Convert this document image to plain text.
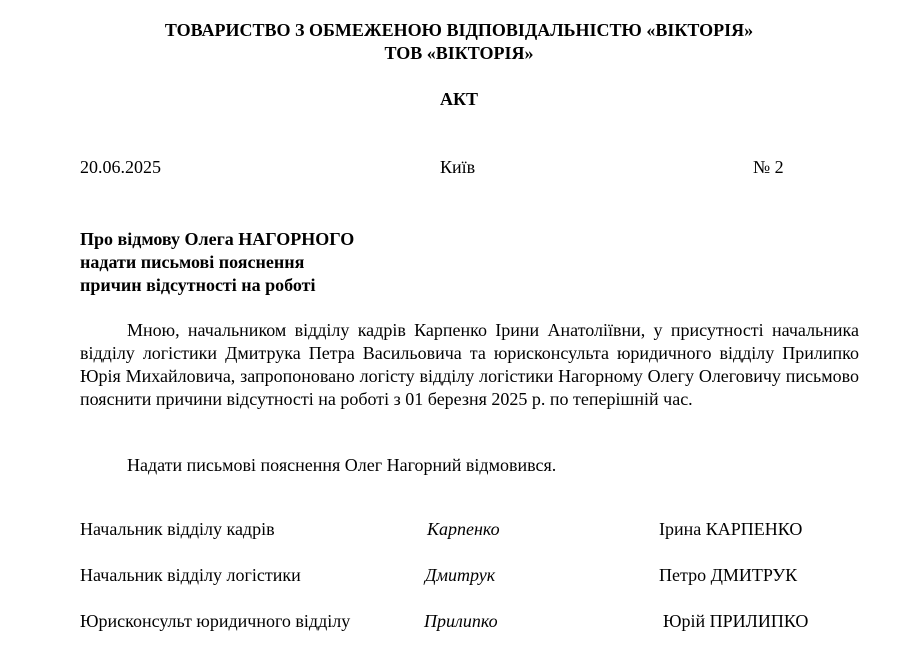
ТОВАРИСТВО З ОБМЕЖЕНОЮ ВІДПОВІДАЛЬНІСТЮ «ВІКТОРІЯ»
ТОВ «ВІКТОРІЯ»
АКТ
20.06.2025	Київ	№ 2
Про відмову Олега НАГОРНОГО
надати письмові пояснення
причин відсутності на роботі
Мною, начальником відділу кадрів Карпенко Ірини Анатоліївни, у присутності начальника відділу логістики Дмитрука Петра Васильовича та юрисконсульта юридичного відділу Прилипко Юрія Михайловича, запропоновано логісту відділу логістики Нагорному Олегу Олеговичу письмово пояснити причини відсутності на роботі з 01 березня 2025 р. по теперішній час.
Надати письмові пояснення Олег Нагорний відмовився.
Начальник відділу кадрів	Карпенко	Ірина КАРПЕНКО
Начальник відділу логістики	Дмитрук	Петро ДМИТРУК
Юрисконсульт юридичного відділу	Прилипко	Юрій ПРИЛИПКО
